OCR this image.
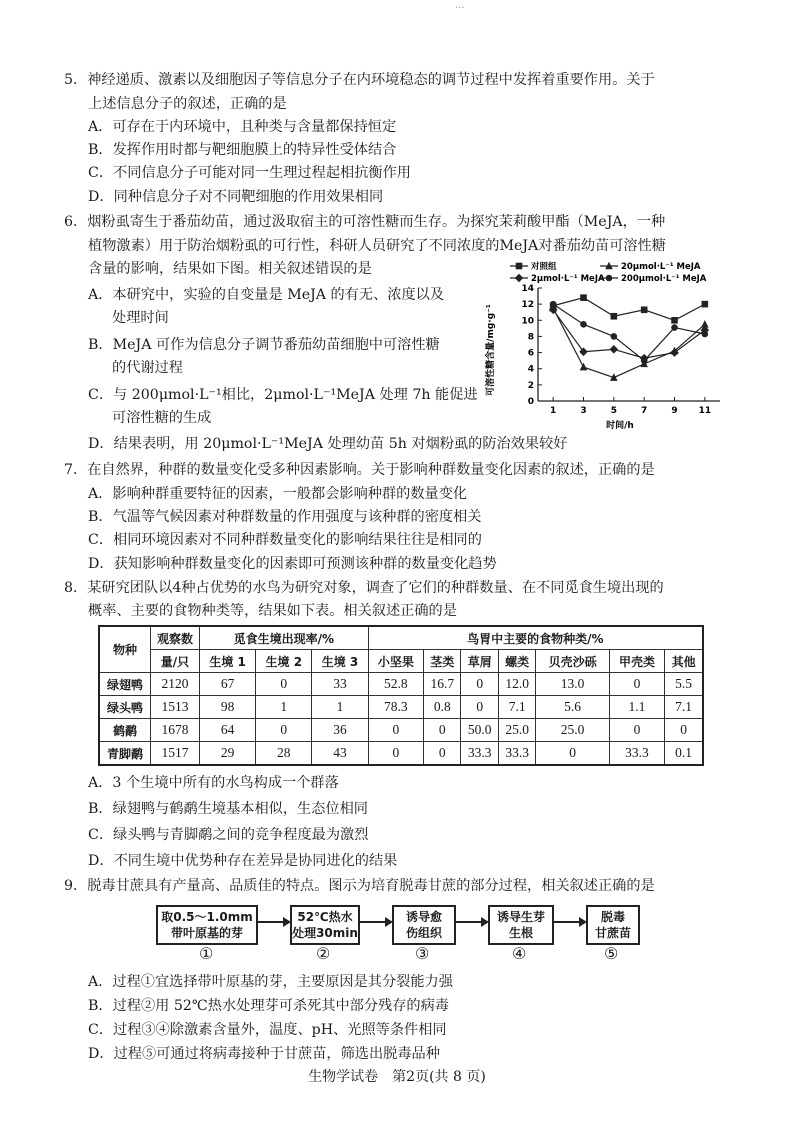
...
5．神经递质、激素以及细胞因子等信息分子在内环境稳态的调节过程中发挥着重要作用。关于
上述信息分子的叙述，正确的是
A．可存在于内环境中，且种类与含量都保持恒定
B．发挥作用时都与靶细胞膜上的特异性受体结合
C．不同信息分子可能对同一生理过程起相抗衡作用
D．同种信息分子对不同靶细胞的作用效果相同
6．烟粉虱寄生于番茄幼苗，通过汲取宿主的可溶性糖而生存。为探究茉莉酸甲酯（MeJA，一种
植物激素）用于防治烟粉虱的可行性，科研人员研究了不同浓度的MeJA对番茄幼苗可溶性糖
含量的影响，结果如下图。相关叙述错误的是
A．本研究中，实验的自变量是 MeJA 的有无、浓度以及
处理时间
B．MeJA 可作为信息分子调节番茄幼苗细胞中可溶性糖
的代谢过程
C．与 200μmol·L⁻¹相比，2μmol·L⁻¹MeJA 处理 7h 能促进
可溶性糖的生成
D．结果表明，用 20μmol·L⁻¹MeJA 处理幼苗 5h 对烟粉虱的防治效果较好
对照组	20μmol·L⁻¹ MeJA
2μmol·L⁻¹ MeJA 200μmol·L⁻¹ MeJA
可溶性糖含量/mg·g⁻¹
0
2
4
6
8
10
12
14
1	3	5	7	9 11
时间/h
7．在自然界，种群的数量变化受多种因素影响。关于影响种群数量变化因素的叙述，正确的是
A．影响种群重要特征的因素，一般都会影响种群的数量变化
B．气温等气候因素对种群数量的作用强度与该种群的密度相关
C．相同环境因素对不同种群数量变化的影响结果往往是相同的
D．获知影响种群数量变化的因素即可预测该种群的数量变化趋势
8．某研究团队以4种占优势的水鸟为研究对象，调查了它们的种群数量、在不同觅食生境出现的
概率、主要的食物种类等，结果如下表。相关叙述正确的是
物种	观察数	觅食生境出现率/%			鸟胃中主要的食物种类/%						
	量/只	生境 1	生境 2	生境 3	小坚果	茎类	草屑	螺类	贝壳沙砾	甲壳类	其他
绿翅鸭	2120	67	0	33	52.8	16.7	0	12.0	13.0	0	5.5
绿头鸭	1513	98	1	1	78.3	0.8	0	7.1	5.6	1.1	7.1
鹤鹬	1678	64	0	36	0	0	50.0	25.0	25.0	0	0
青脚鹬	1517	29	28	43	0	0	33.3	33.3	0	33.3	0.1
A．3 个生境中所有的水鸟构成一个群落
B．绿翅鸭与鹤鹬生境基本相似，生态位相同
C．绿头鸭与青脚鹬之间的竞争程度最为激烈
D．不同生境中优势种存在差异是协同进化的结果
9．脱毒甘蔗具有产量高、品质佳的特点。图示为培育脱毒甘蔗的部分过程，相关叙述正确的是
取0.5～1.0mm
带叶原基的芽
52℃热水
处理30min
诱导愈
伤组织
诱导生芽
生根
脱毒
甘蔗苗
①	②	③	④	⑤
A．过程①宜选择带叶原基的芽，主要原因是其分裂能力强
B．过程②用 52℃热水处理芽可杀死其中部分残存的病毒
C．过程③④除激素含量外，温度、pH、光照等条件相同
D．过程⑤可通过将病毒接种于甘蔗苗，筛选出脱毒品种
生物学试卷　第2页(共 8 页)
